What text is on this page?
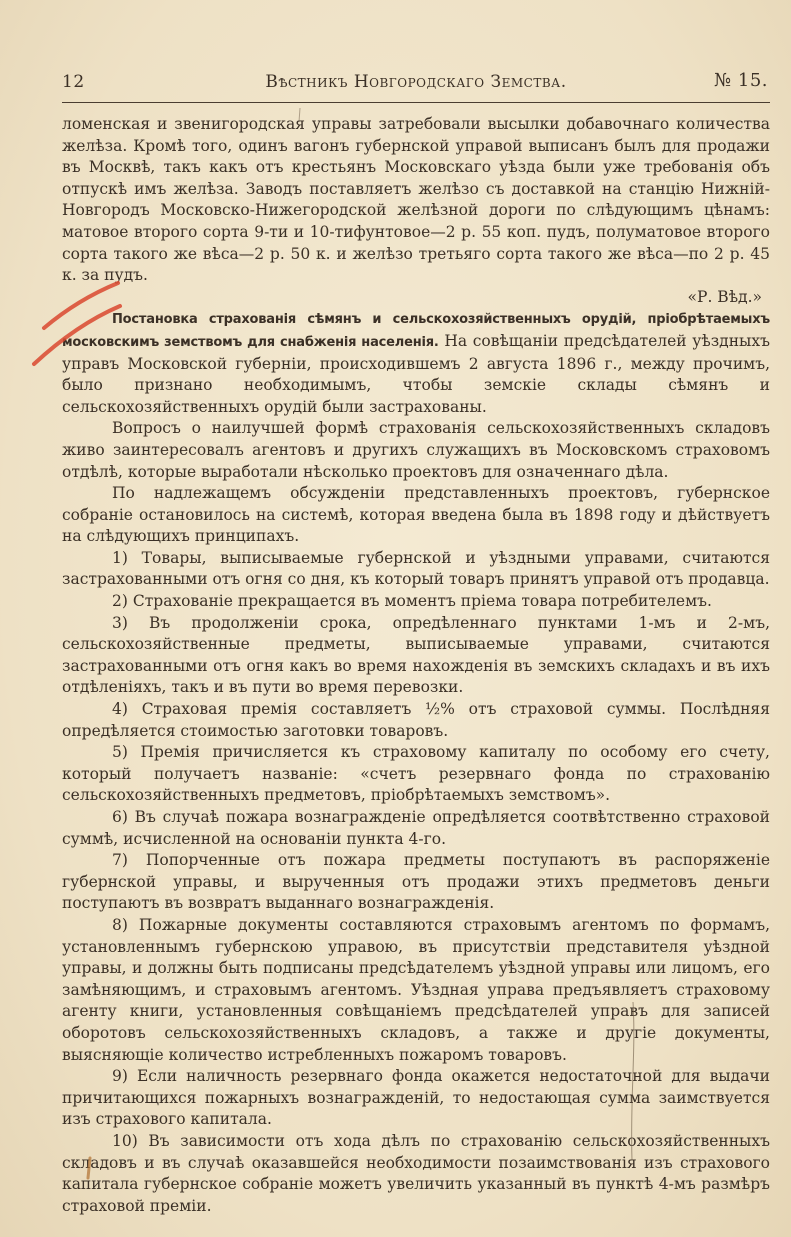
12	Вѣстникъ Новгородскаго Земства.	№ 15.

ломенская и звенигородская управы затребовали высылки добавочнаго количества желѣза. Кромѣ того, одинъ вагонъ губернской управой выписанъ былъ для продажи въ Москвѣ, такъ какъ отъ крестьянъ Московскаго уѣзда были уже требованія объ отпускѣ имъ желѣза. Заводъ поставляетъ желѣзо съ доставкой на станцію Нижній-Новгородъ Московско-Нижегородской желѣзной дороги по слѣдующимъ цѣнамъ: матовое второго сорта 9-ти и 10-тифунтовое—2 р. 55 коп. пудъ, полуматовое второго сорта такого же вѣса—2 р. 50 к. и желѣзо третьяго сорта такого же вѣса—по 2 р. 45 к. за пудъ.

«Р. Вѣд.»

Постановка страхованія сѣмянъ и сельскохозяйственныхъ орудій, пріобрѣтаемыхъ московскимъ земствомъ для снабженія населенія. На совѣщаніи предсѣдателей уѣздныхъ управъ Московской губерніи, происходившемъ 2 августа 1896 г., между прочимъ, было признано необходимымъ, чтобы земскіе склады сѣмянъ и сельскохозяйственныхъ орудій были застрахованы.

Вопросъ о наилучшей формѣ страхованія сельскохозяйственныхъ складовъ живо заинтересовалъ агентовъ и другихъ служащихъ въ Московскомъ страховомъ отдѣлѣ, которые выработали нѣсколько проектовъ для означеннаго дѣла.

По надлежащемъ обсужденіи представленныхъ проектовъ, губернское собраніе остановилось на системѣ, которая введена была въ 1898 году и дѣйствуетъ на слѣдующихъ принципахъ.

1) Товары, выписываемые губернской и уѣздными управами, считаются застрахованными отъ огня со дня, къ который товаръ принятъ управой отъ продавца.

2) Страхованіе прекращается въ моментъ пріема товара потребителемъ.

3) Въ продолженіи срока, опредѣленнаго пунктами 1-мъ и 2-мъ, сельскохозяйственные предметы, выписываемые управами, считаются застрахованными отъ огня какъ во время нахожденія въ земскихъ складахъ и въ ихъ отдѣленіяхъ, такъ и въ пути во время перевозки.

4) Страховая премія составляетъ ½% отъ страховой суммы. Послѣдняя опредѣляется стоимостью заготовки товаровъ.

5) Премія причисляется къ страховому капиталу по особому его счету, который получаетъ названіе: «счетъ резервнаго фонда по страхованію сельскохозяйственныхъ предметовъ, пріобрѣтаемыхъ земствомъ».

6) Въ случаѣ пожара вознагражденіе опредѣляется соотвѣтственно страховой суммѣ, исчисленной на основаніи пункта 4-го.

7) Попорченные отъ пожара предметы поступаютъ въ распоряженіе губернской управы, и вырученныя отъ продажи этихъ предметовъ деньги поступаютъ въ возвратъ выданнаго вознагражденія.

8) Пожарные документы составляются страховымъ агентомъ по формамъ, установленнымъ губернскою управою, въ присутствіи представителя уѣздной управы, и должны быть подписаны предсѣдателемъ уѣздной управы или лицомъ, его замѣняющимъ, и страховымъ агентомъ. Уѣздная управа предъявляетъ страховому агенту книги, установленныя совѣщаніемъ предсѣдателей управъ для записей оборотовъ сельскохозяйственныхъ складовъ, а также и другіе документы, выясняющіе количество истребленныхъ пожаромъ товаровъ.

9) Если наличность резервнаго фонда окажется недостаточной для выдачи причитающихся пожарныхъ вознагражденій, то недостающая сумма заимствуется изъ страхового капитала.

10) Въ зависимости отъ хода дѣлъ по страхованію сельскохозяйственныхъ складовъ и въ случаѣ оказавшейся необходимости позаимствованія изъ страхового капитала губернское собраніе можетъ увеличить указанный въ пунктѣ 4-мъ размѣръ страховой преміи.
